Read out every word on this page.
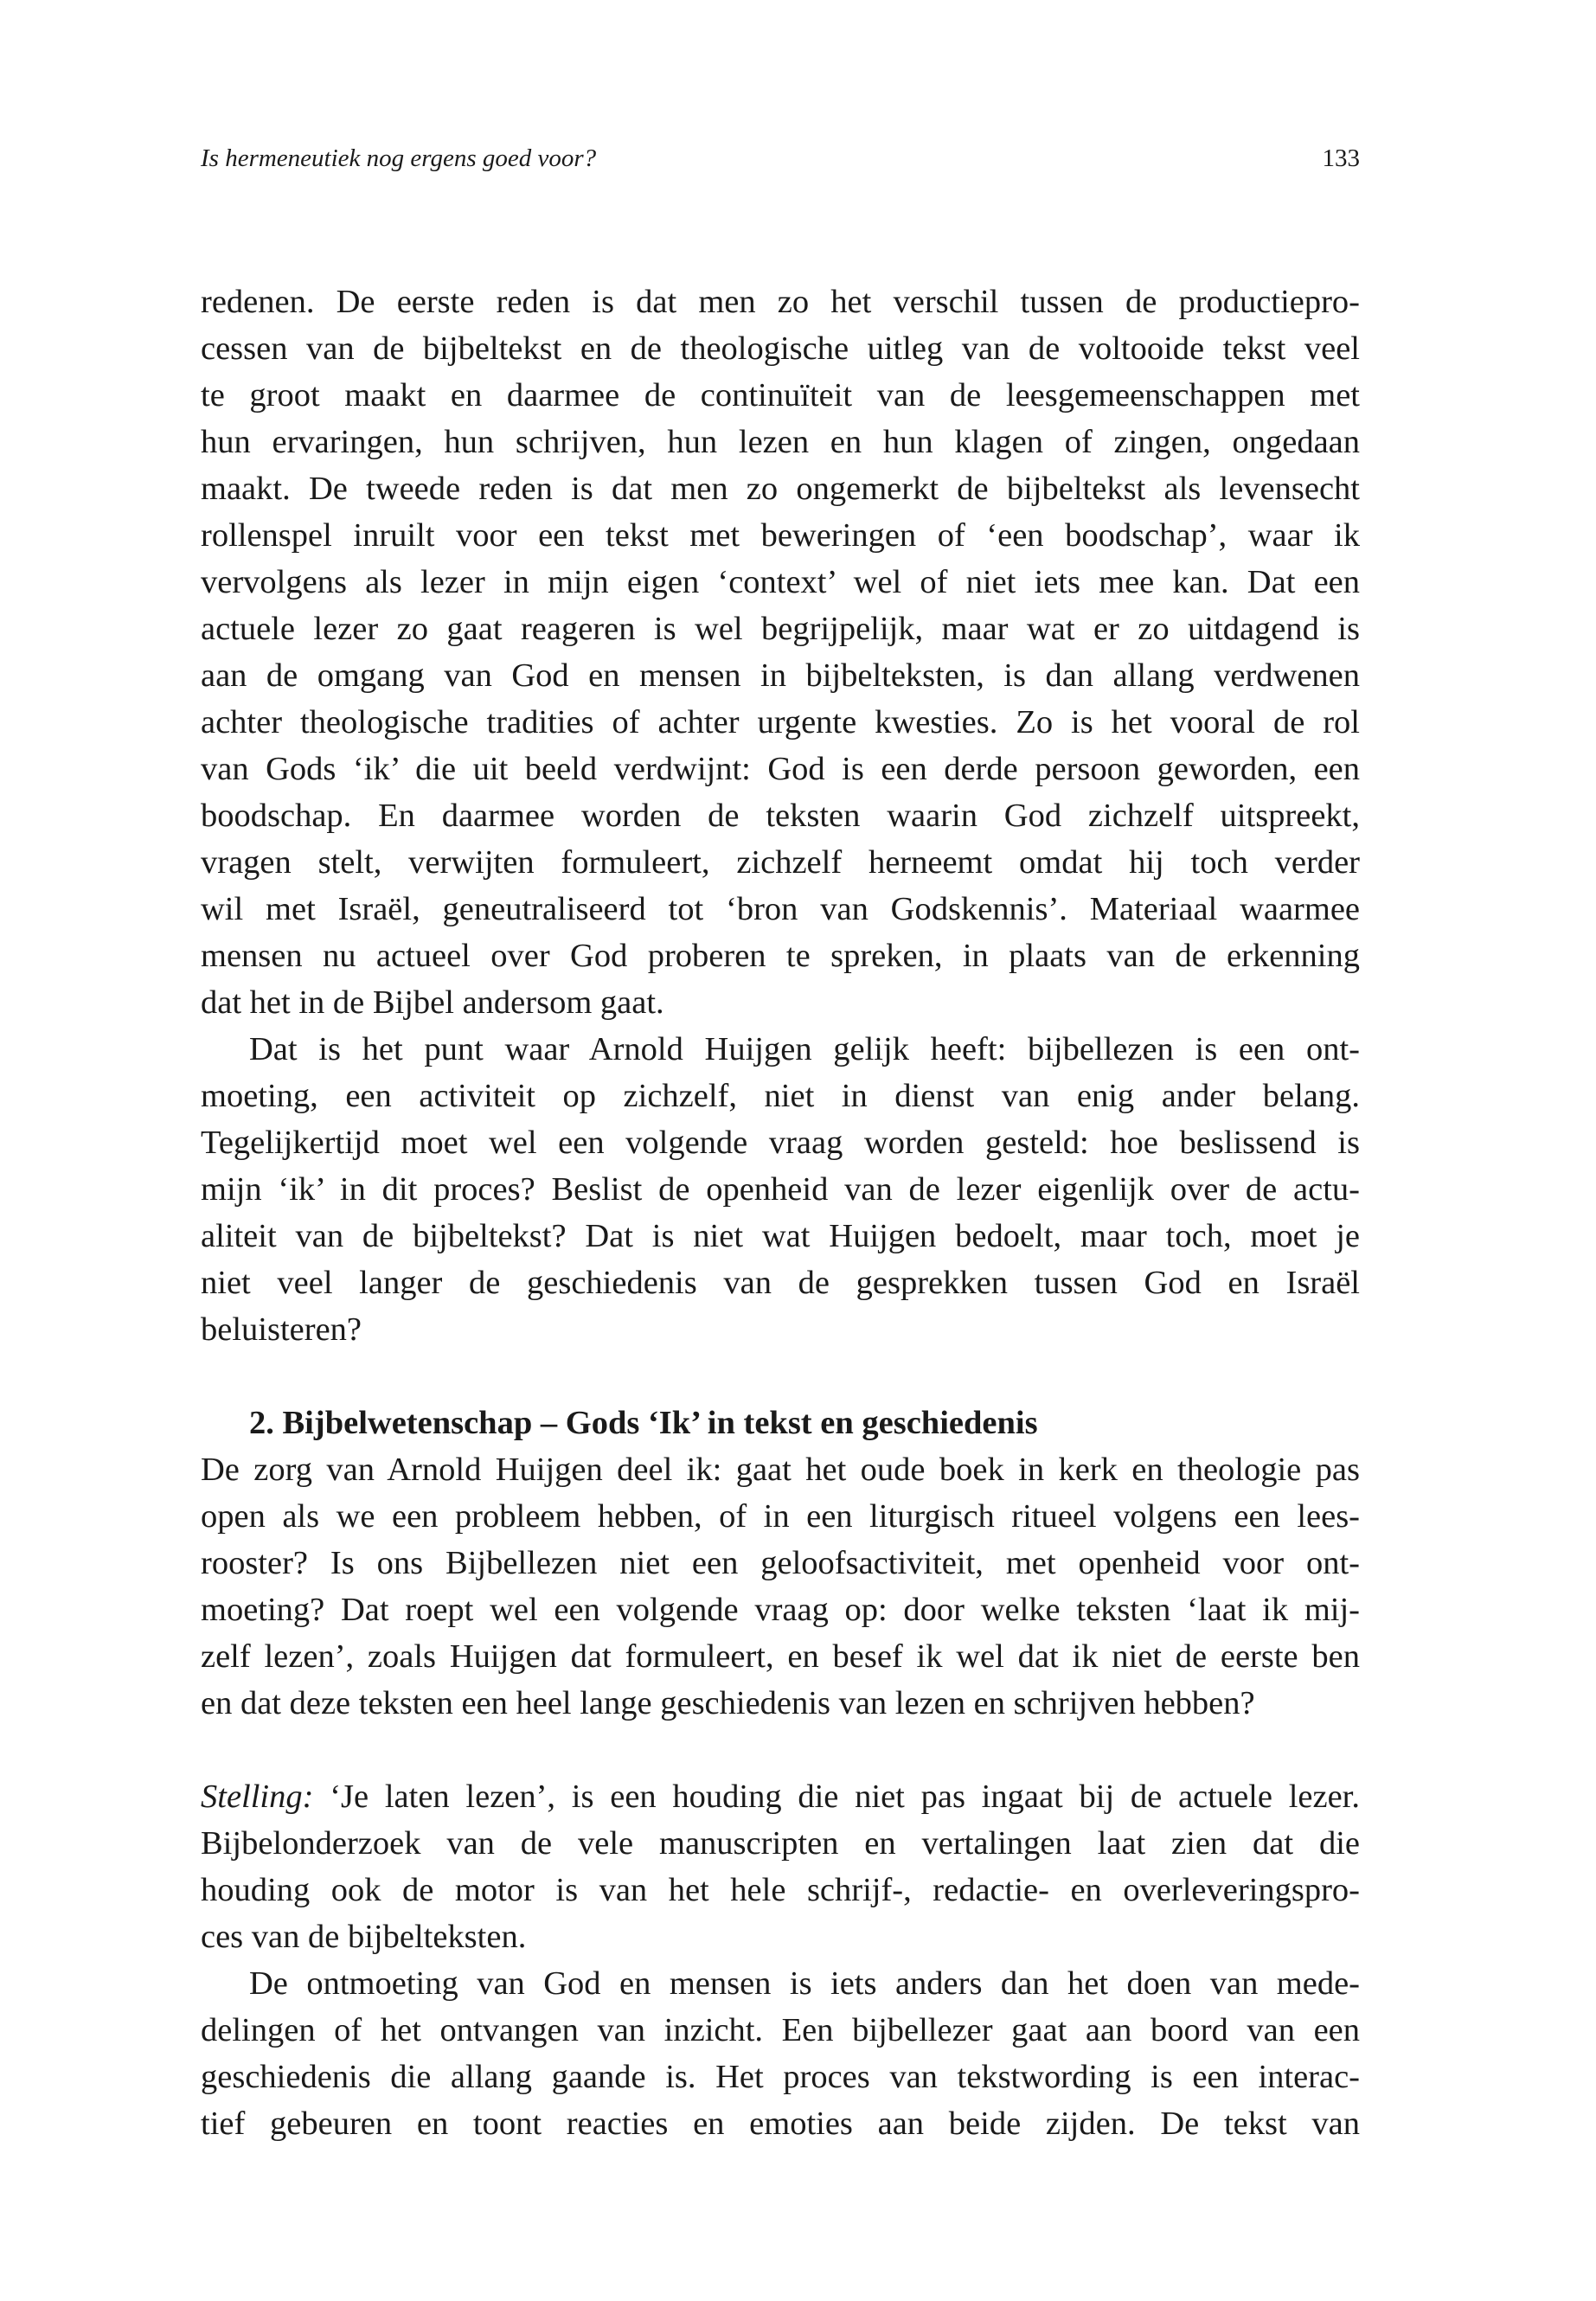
Is hermeneutiek nog ergens goed voor?	133
redenen. De eerste reden is dat men zo het verschil tussen de productiepro-
cessen van de bijbeltekst en de theologische uitleg van de voltooide tekst veel
te groot maakt en daarmee de continuïteit van de leesgemeenschappen met
hun ervaringen, hun schrijven, hun lezen en hun klagen of zingen, ongedaan
maakt. De tweede reden is dat men zo ongemerkt de bijbeltekst als levensecht
rollenspel inruilt voor een tekst met beweringen of ‘een boodschap’, waar ik
vervolgens als lezer in mijn eigen ‘context’ wel of niet iets mee kan. Dat een
actuele lezer zo gaat reageren is wel begrijpelijk, maar wat er zo uitdagend is
aan de omgang van God en mensen in bijbelteksten, is dan allang verdwenen
achter theologische tradities of achter urgente kwesties. Zo is het vooral de rol
van Gods ‘ik’ die uit beeld verdwijnt: God is een derde persoon geworden, een
boodschap. En daarmee worden de teksten waarin God zichzelf uitspreekt,
vragen stelt, verwijten formuleert, zichzelf herneemt omdat hij toch verder
wil met Israël, geneutraliseerd tot ‘bron van Godskennis’. Materiaal waarmee
mensen nu actueel over God proberen te spreken, in plaats van de erkenning
dat het in de Bijbel andersom gaat.
Dat is het punt waar Arnold Huijgen gelijk heeft: bijbellezen is een ont-
moeting, een activiteit op zichzelf, niet in dienst van enig ander belang.
Tegelijkertijd moet wel een volgende vraag worden gesteld: hoe beslissend is
mijn ‘ik’ in dit proces? Beslist de openheid van de lezer eigenlijk over de actu-
aliteit van de bijbeltekst? Dat is niet wat Huijgen bedoelt, maar toch, moet je
niet veel langer de geschiedenis van de gesprekken tussen God en Israël
beluisteren?
2. Bijbelwetenschap – Gods ‘Ik’ in tekst en geschiedenis
De zorg van Arnold Huijgen deel ik: gaat het oude boek in kerk en theologie pas
open als we een probleem hebben, of in een liturgisch ritueel volgens een lees-
rooster? Is ons Bijbellezen niet een geloofsactiviteit, met openheid voor ont-
moeting? Dat roept wel een volgende vraag op: door welke teksten ‘laat ik mij-
zelf lezen’, zoals Huijgen dat formuleert, en besef ik wel dat ik niet de eerste ben
en dat deze teksten een heel lange geschiedenis van lezen en schrijven hebben?
Stelling: ‘Je laten lezen’, is een houding die niet pas ingaat bij de actuele lezer.
Bijbelonderzoek van de vele manuscripten en vertalingen laat zien dat die
houding ook de motor is van het hele schrijf-, redactie- en overleveringspro-
ces van de bijbelteksten.
De ontmoeting van God en mensen is iets anders dan het doen van mede-
delingen of het ontvangen van inzicht. Een bijbellezer gaat aan boord van een
geschiedenis die allang gaande is. Het proces van tekstwording is een interac-
tief gebeuren en toont reacties en emoties aan beide zijden. De tekst van
